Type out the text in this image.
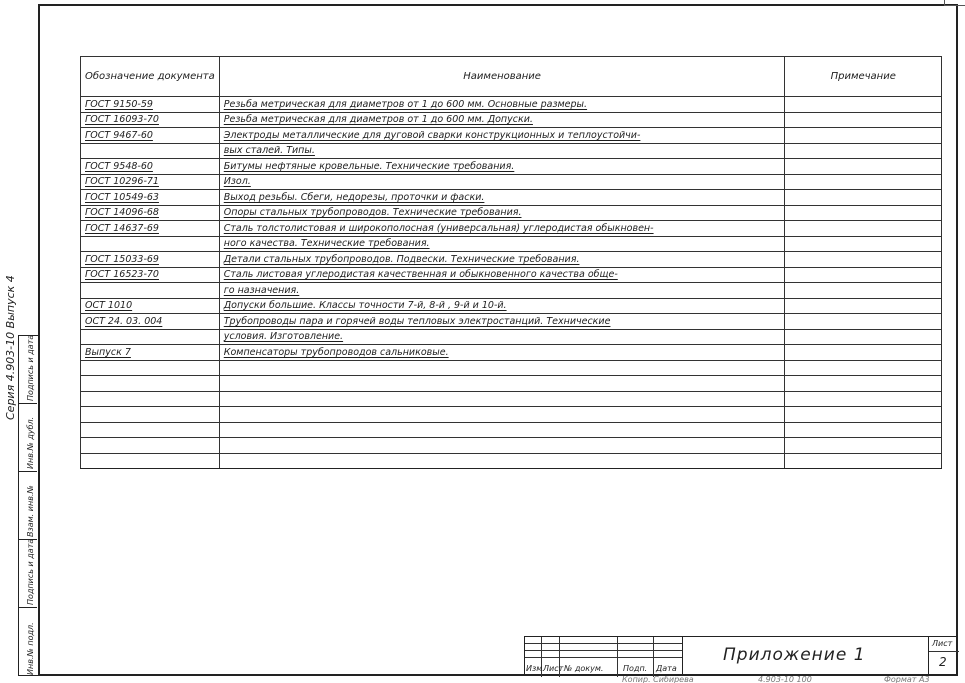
Серия 4.903-10 Выпуск 4	Подпись и дата
Инв.№ дубл.
Взам. инв.№
Подпись и дата
Инв.№ подл.
Обозначение документа	Наименование	Примечание
ГОСТ 9150-59	Резьба метрическая для диаметров от 1 до 600 мм. Основные размеры.	
ГОСТ 16093-70	Резьба метрическая для диаметров от 1 до 600 мм. Допуски.	
ГОСТ 9467-60	Электроды металлические для дуговой сварки конструкционных и теплоустойчи-	
	вых сталей. Типы.	
ГОСТ 9548-60	Битумы нефтяные кровельные. Технические требования.	
ГОСТ 10296-71	Изол.	
ГОСТ 10549-63	Выход резьбы. Сбеги, недорезы, проточки и фаски.	
ГОСТ 14096-68	Опоры стальных трубопроводов. Технические требования.	
ГОСТ 14637-69	Сталь толстолистовая и широкополосная (универсальная) углеродистая обыкновен-	
	ного качества. Технические требования.	
ГОСТ 15033-69	Детали стальных трубопроводов. Подвески. Технические требования.	
ГОСТ 16523-70	Сталь листовая углеродистая качественная и обыкновенного качества обще-	
	го назначения.	
ОСТ 1010	Допуски большие. Классы точности 7-й, 8-й , 9-й и 10-й.	
ОСТ 24. 03. 004	Трубопроводы пара и горячей воды тепловых электростанций. Технические	
	условия. Изготовление.	
Выпуск 7	Компенсаторы трубопроводов сальниковые.	

Изм.
Лист № докум. Подп. Дата
Приложение 1
Лист
2
Копир. Сибирева	4.903-10 100	Формат А3
